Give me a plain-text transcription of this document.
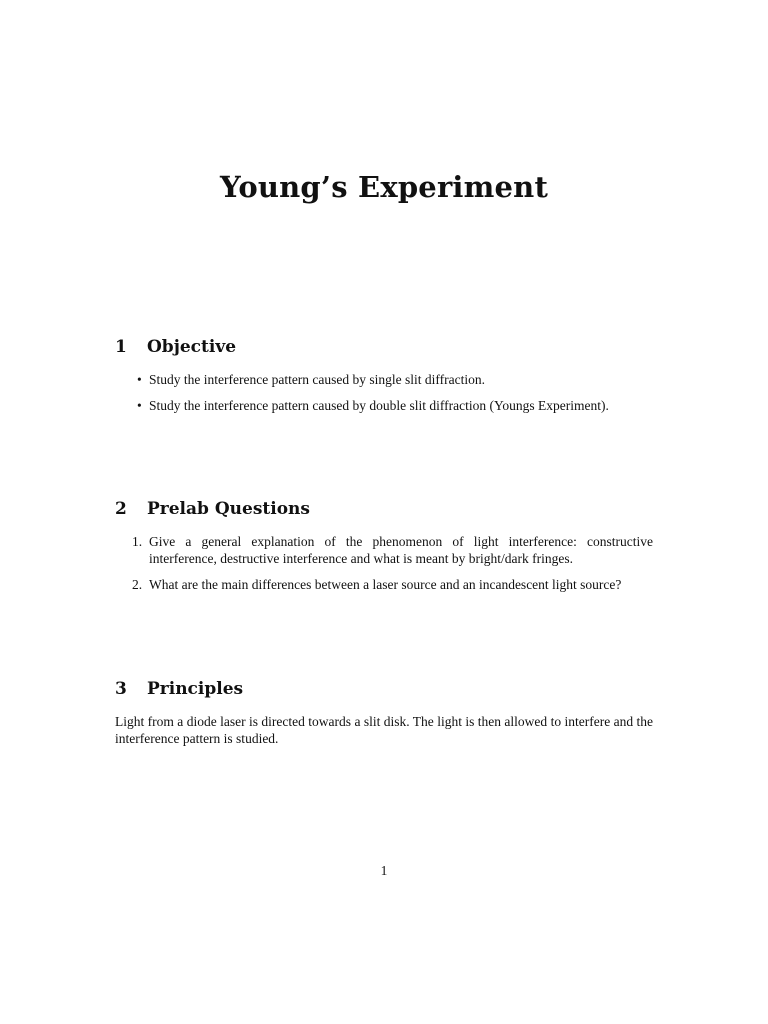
Young’s Experiment
1	Objective
• Study the interference pattern caused by single slit diffraction.
• Study the interference pattern caused by double slit diffraction (Youngs Experiment).
2	Prelab Questions
1. Give a general explanation of the phenomenon of light interference: constructive interference, destructive interference and what is meant by bright/dark fringes.
2. What are the main differences between a laser source and an incandescent light source?
3	Principles

Light from a diode laser is directed towards a slit disk. The light is then allowed to interfere and the interference pattern is studied.

1
